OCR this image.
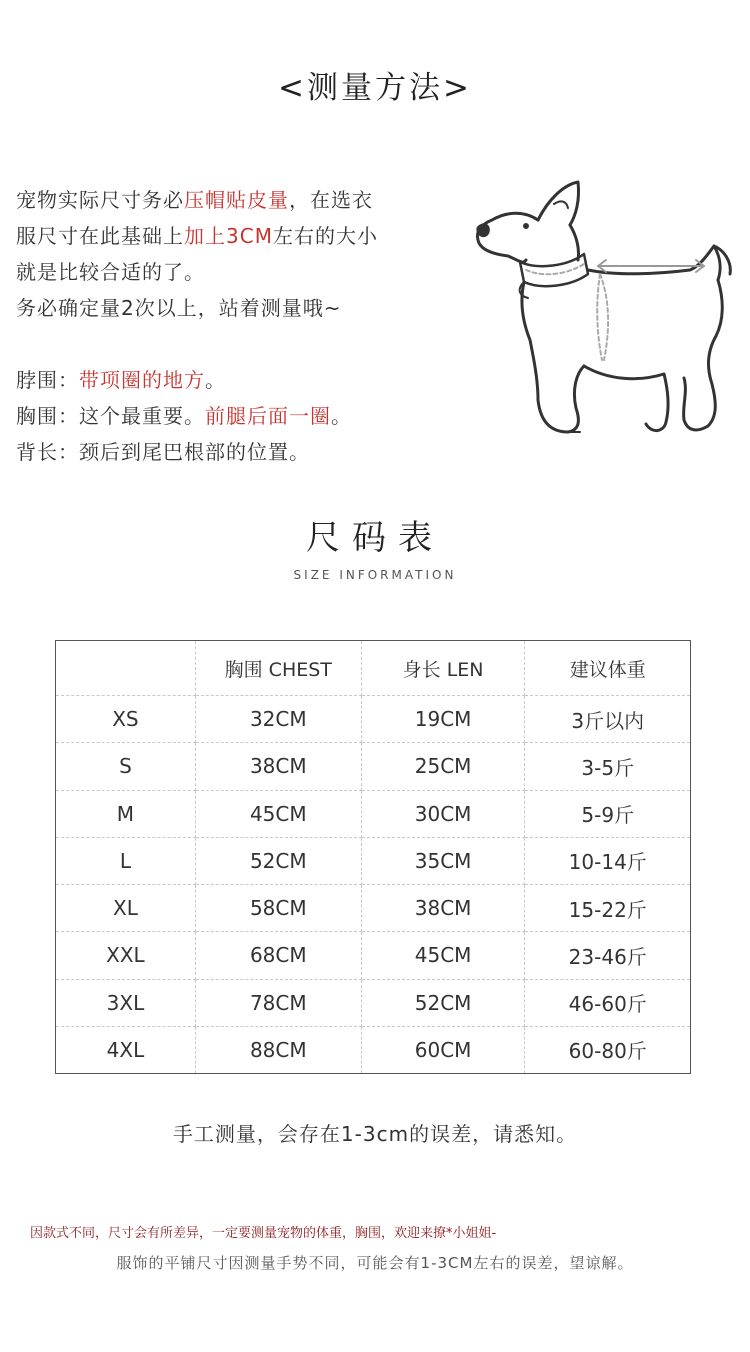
<测量方法>
宠物实际尺寸务必压帽贴皮量，在选衣
服尺寸在此基础上加上3CM左右的大小
就是比较合适的了。
务必确定量2次以上，站着测量哦~
脖围：带项圈的地方。
胸围：这个最重要。前腿后面一圈。
背长：颈后到尾巴根部的位置。
尺码表
SIZE INFORMATION
	胸围 CHEST	身长 LEN	建议体重
XS	32CM	19CM	3斤以内
S	38CM	25CM	3-5斤
M	45CM	30CM	5-9斤
L	52CM	35CM	10-14斤
XL	58CM	38CM	15-22斤
XXL	68CM	45CM	23-46斤
3XL	78CM	52CM	46-60斤
4XL	88CM	60CM	60-80斤
手工测量，会存在1-3cm的误差，请悉知。
因款式不同，尺寸会有所差异，一定要测量宠物的体重，胸围，欢迎来撩*小姐姐-
服饰的平铺尺寸因测量手势不同，可能会有1-3CM左右的误差，望谅解。
